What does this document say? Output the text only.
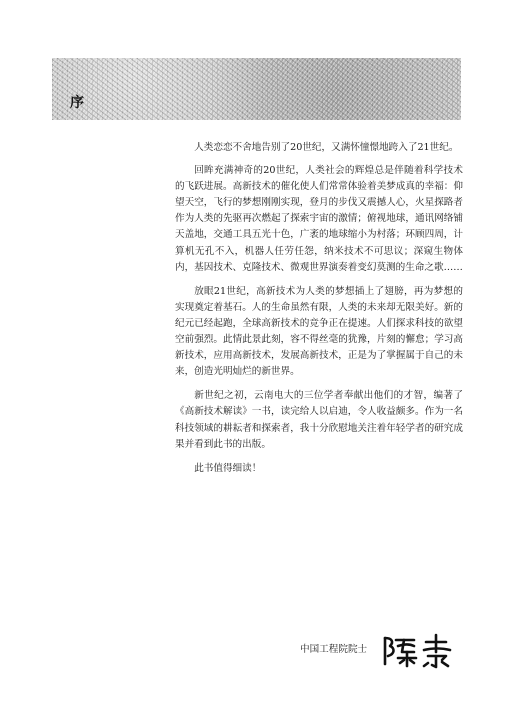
序

人类恋恋不舍地告别了20世纪，又满怀憧憬地跨入了21世纪。

回眸充满神奇的20世纪，人类社会的辉煌总是伴随着科学技术的飞跃进展。高新技术的催化使人们常常体验着美梦成真的幸福：仰望天空，飞行的梦想刚刚实现，登月的步伐又震撼人心，火星探路者作为人类的先驱再次燃起了探索宇宙的激情；俯视地球，通讯网络铺天盖地，交通工具五光十色，广袤的地球缩小为村落；环顾四周，计算机无孔不入，机器人任劳任怨，纳米技术不可思议；深窥生物体内，基因技术、克隆技术、微观世界演奏着变幻莫测的生命之歌……

放眼21世纪，高新技术为人类的梦想插上了翅膀，再为梦想的实现奠定着基石。人的生命虽然有限，人类的未来却无限美好。新的纪元已经起跑，全球高新技术的竞争正在提速。人们探求科技的欲望空前强烈。此情此景此刻，容不得丝毫的犹豫，片刻的懈怠；学习高新技术，应用高新技术，发展高新技术，正是为了掌握属于自己的未来，创造光明灿烂的新世界。

新世纪之初，云南电大的三位学者奉献出他们的才智，编著了《高新技术解读》一书，读完给人以启迪，令人收益颇多。作为一名科技领域的耕耘者和探索者，我十分欣慰地关注着年轻学者的研究成果并看到此书的出版。

此书值得细读！

中国工程院院士
